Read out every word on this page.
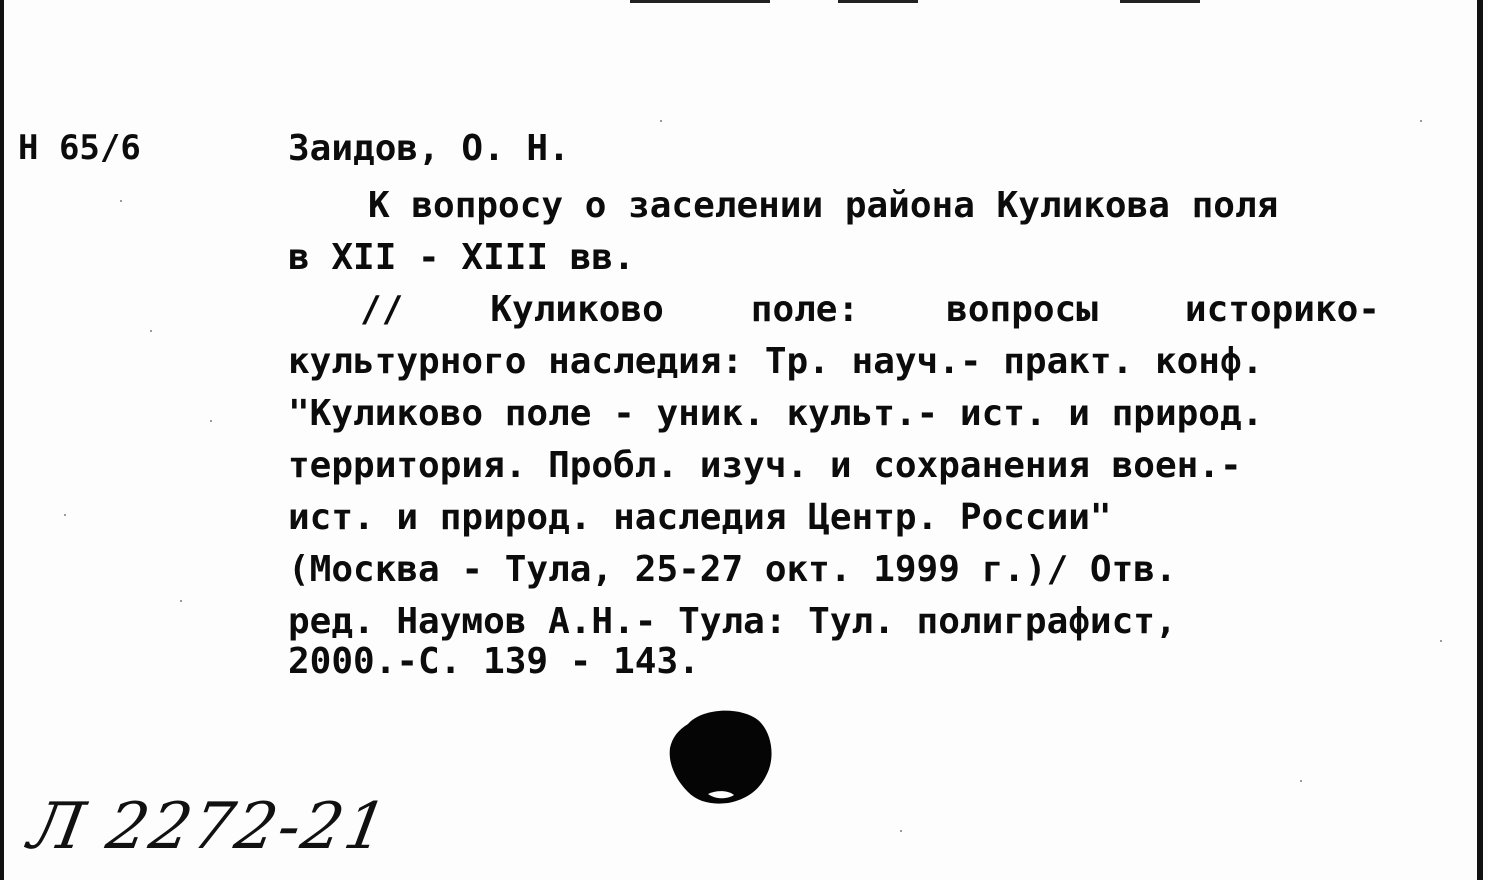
Н 65/6	Заидов, О. Н.
К вопросу о заселении района Куликова поля
в XII - XIII вв.
// Куликово поле: вопросы историко-
культурного наследия: Тр. науч.- практ. конф.
"Куликово поле - уник. культ.- ист. и природ.
территория. Пробл. изуч. и сохранения воен.-
ист. и природ. наследия Центр. России"
(Москва - Тула, 25-27 окт. 1999 г.)/ Отв.
ред. Наумов А.Н.- Тула: Тул. полиграфист,
2000.-С. 139 - 143.
Л 2272-21
